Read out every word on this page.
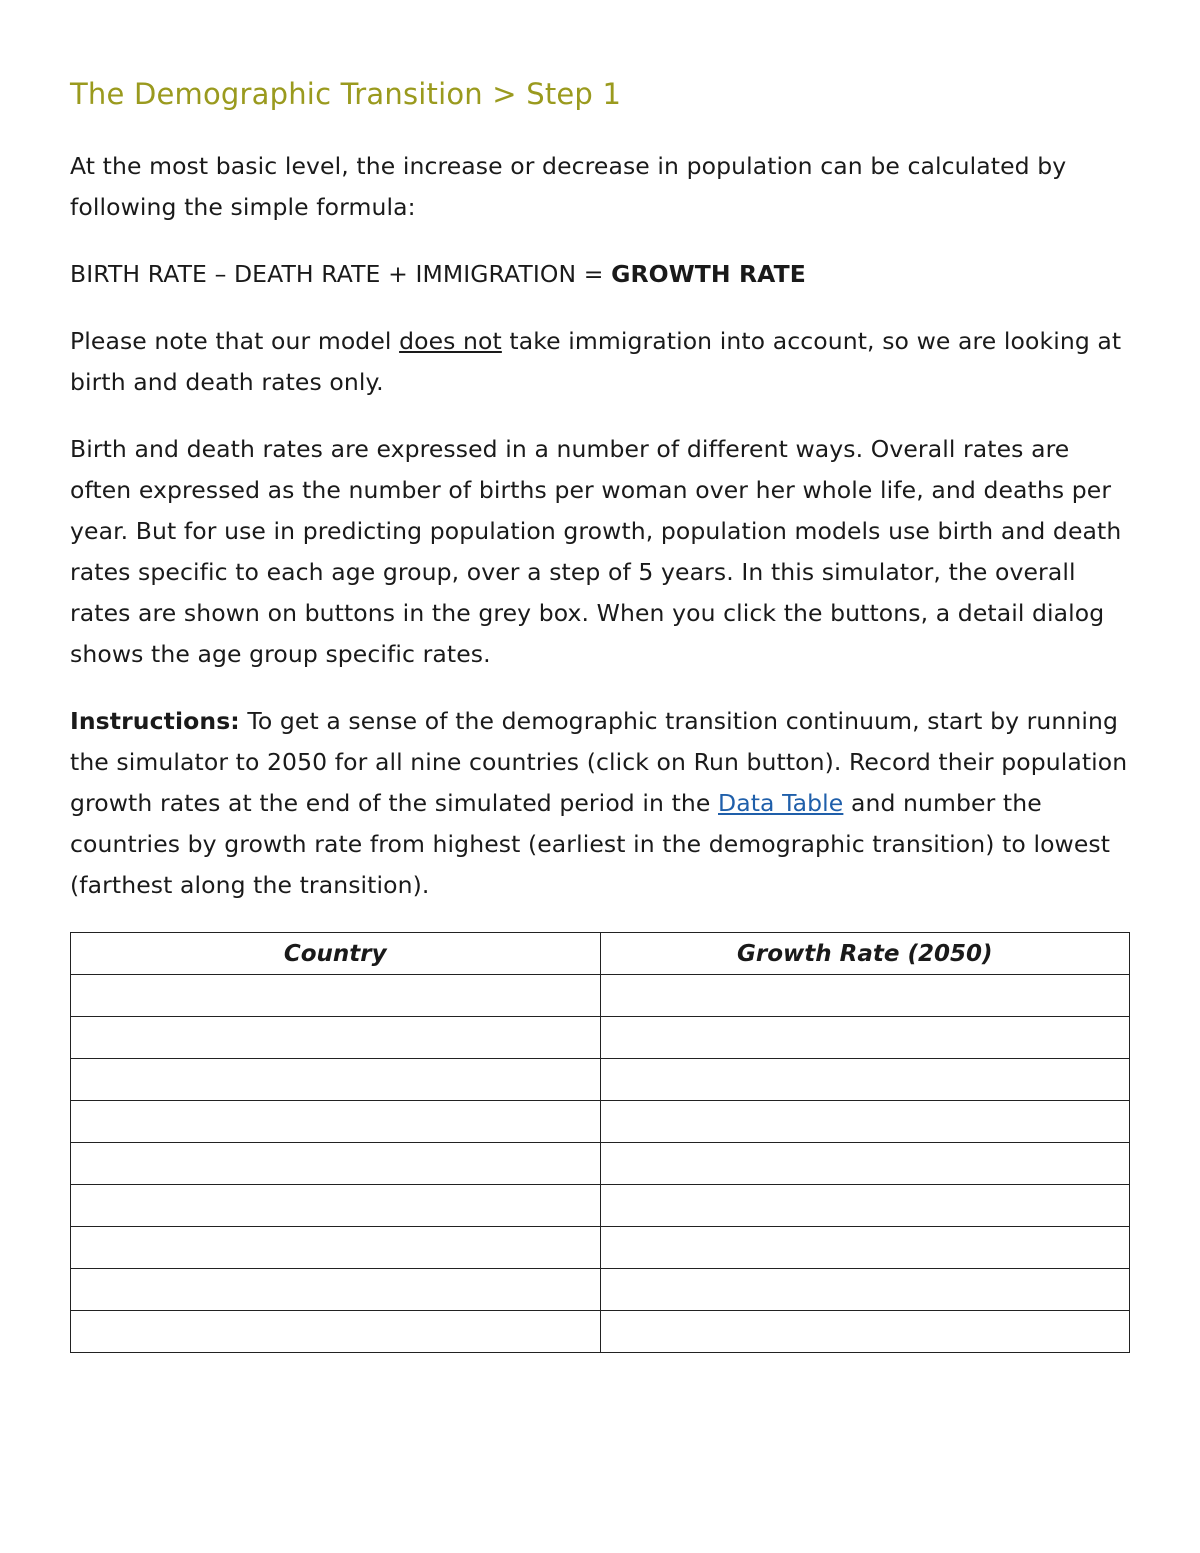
The Demographic Transition > Step 1

At the most basic level, the increase or decrease in population can be calculated by following the simple formula:

BIRTH RATE – DEATH RATE + IMMIGRATION = GROWTH RATE

Please note that our model does not take immigration into account, so we are looking at birth and death rates only.

Birth and death rates are expressed in a number of different ways. Overall rates are often expressed as the number of births per woman over her whole life, and deaths per year. But for use in predicting population growth, population models use birth and death rates specific to each age group, over a step of 5 years. In this simulator, the overall rates are shown on buttons in the grey box. When you click the buttons, a detail dialog shows the age group specific rates.

Instructions: To get a sense of the demographic transition continuum, start by running the simulator to 2050 for all nine countries (click on Run button). Record their population growth rates at the end of the simulated period in the Data Table and number the countries by growth rate from highest (earliest in the demographic transition) to lowest (farthest along the transition).

Country	Growth Rate (2050)
